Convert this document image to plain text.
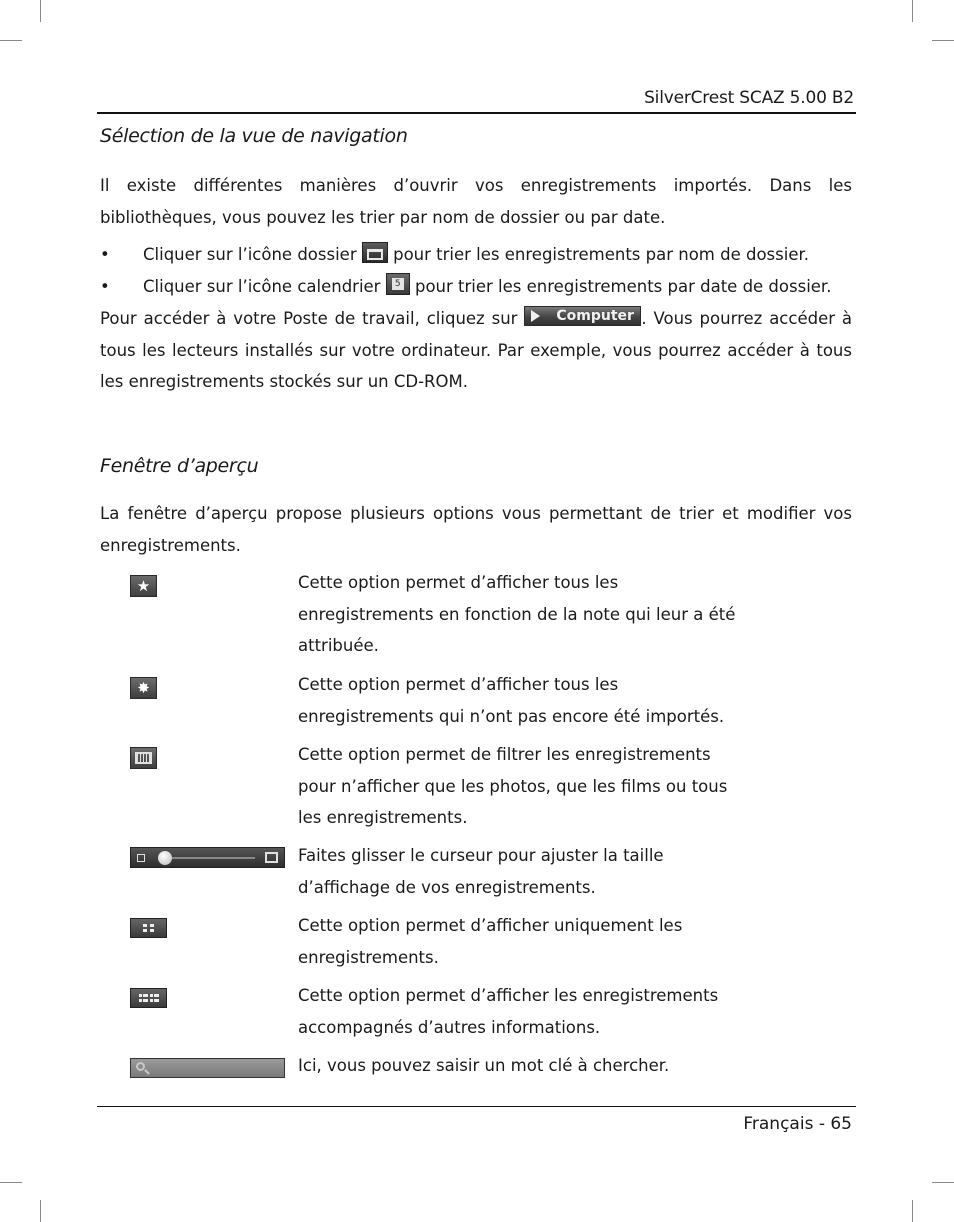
SilverCrest SCAZ 5.00 B2
Sélection de la vue de navigation
Il existe différentes manières d’ouvrir vos enregistrements importés. Dans les bibliothèques, vous pouvez les trier par nom de dossier ou par date.
• Cliquer sur l’icône dossier pour trier les enregistrements par nom de dossier.
• Cliquer sur l’icône calendrier 5 pour trier les enregistrements par date de dossier.
Pour accéder à votre Poste de travail, cliquez sur	Computer . Vous pourrez accéder à tous les lecteurs installés sur votre ordinateur. Par exemple, vous pourrez accéder à tous les enregistrements stockés sur un CD-ROM.
Fenêtre d’aperçu
La fenêtre d’aperçu propose plusieurs options vous permettant de trier et modifier vos enregistrements.
★	Cette option permet d’afficher tous les enregistrements en fonction de la note qui leur a été attribuée.
✸	Cette option permet d’afficher tous les enregistrements qui n’ont pas encore été importés.
Cette option permet de filtrer les enregistrements pour n’afficher que les photos, que les films ou tous les enregistrements.
Faites glisser le curseur pour ajuster la taille d’affichage de vos enregistrements.
Cette option permet d’afficher uniquement les enregistrements.
Cette option permet d’afficher les enregistrements accompagnés d’autres informations.
Ici, vous pouvez saisir un mot clé à chercher.
Français - 65
